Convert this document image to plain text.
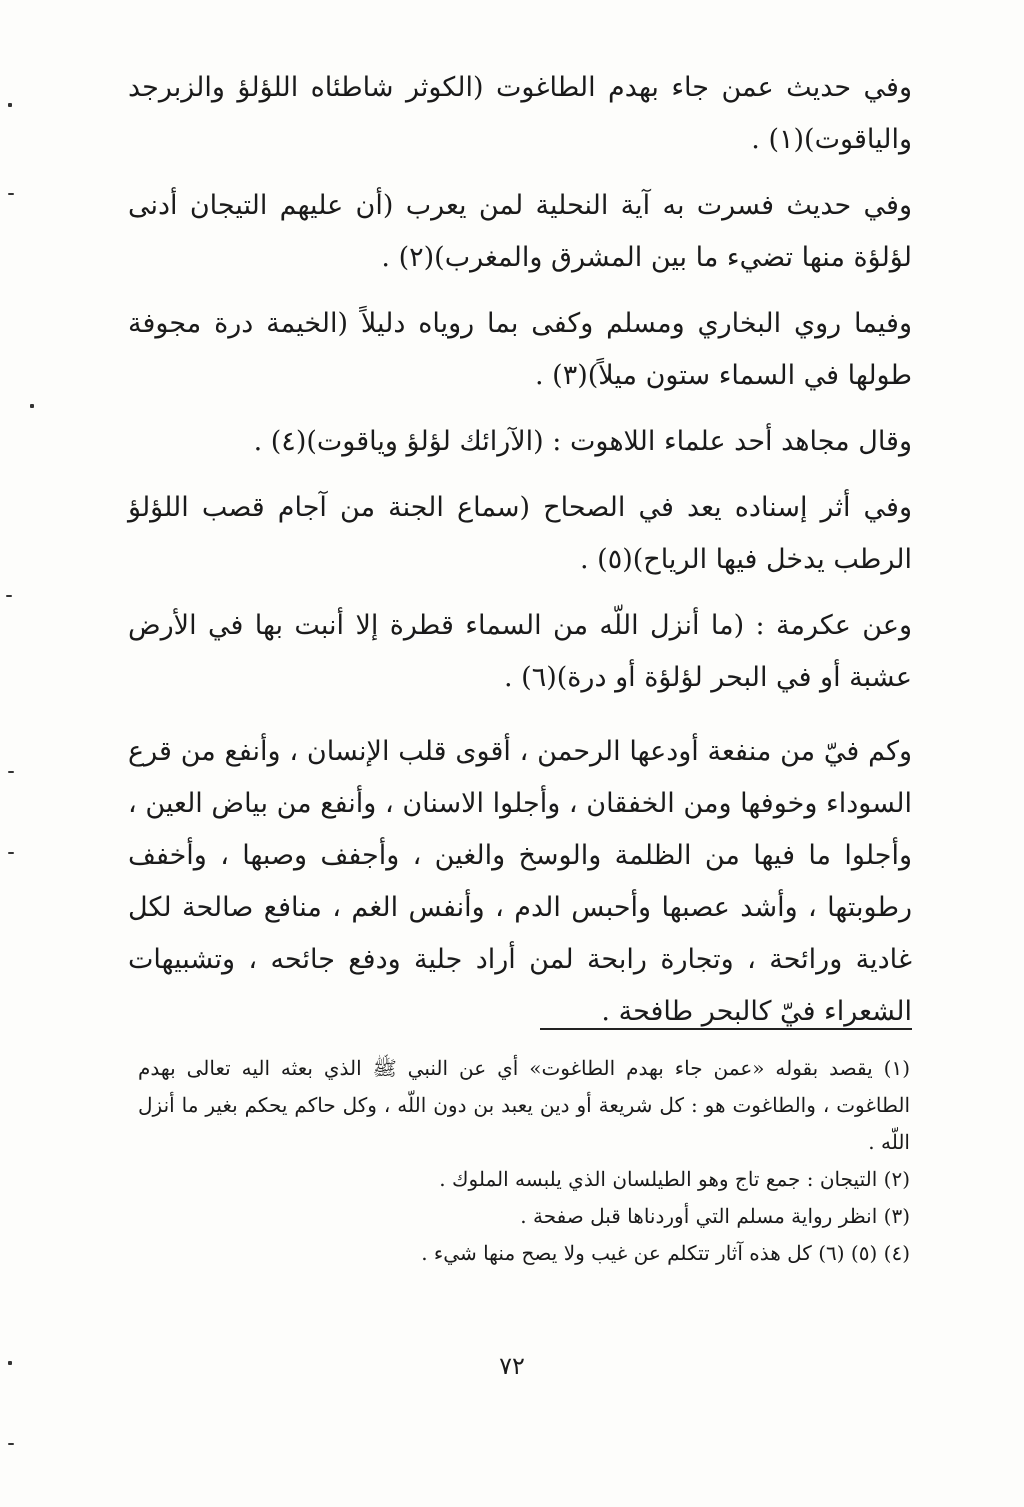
وفي حديث عمن جاء بهدم الطاغوت (الكوثر شاطئاه اللؤلؤ والزبرجد والياقوت)(١) .

وفي حديث فسرت به آية النحلية لمن يعرب (أن عليهم التيجان أدنى لؤلؤة منها تضيء ما بين المشرق والمغرب)(٢) .

وفيما روي البخاري ومسلم وكفى بما روياه دليلاً (الخيمة درة مجوفة طولها في السماء ستون ميلاً)(٣) .

وقال مجاهد أحد علماء اللاهوت : (الآرائك لؤلؤ وياقوت)(٤) .

وفي أثر إسناده يعد في الصحاح (سماع الجنة من آجام قصب اللؤلؤ الرطب يدخل فيها الرياح)(٥) .

وعن عكرمة : (ما أنزل اللّه من السماء قطرة إلا أنبت بها في الأرض عشبة أو في البحر لؤلؤة أو درة)(٦) .

وكم فيّ من منفعة أودعها الرحمن ، أقوى قلب الإنسان ، وأنفع من قرع السوداء وخوفها ومن الخفقان ، وأجلوا الاسنان ، وأنفع من بياض العين ، وأجلوا ما فيها من الظلمة والوسخ والغين ، وأجفف وصبها ، وأخفف رطوبتها ، وأشد عصبها وأحبس الدم ، وأنفس الغم ، منافع صالحة لكل غادية ورائحة ، وتجارة رابحة لمن أراد جلية ودفع جائحه ، وتشبيهات الشعراء فيّ كالبحر طافحة .

(١) يقصد بقوله «عمن جاء بهدم الطاغوت» أي عن النبي ﷺ الذي بعثه اليه تعالى بهدم الطاغوت ، والطاغوت هو : كل شريعة أو دين يعبد بن دون اللّه ، وكل حاكم يحكم بغير ما أنزل اللّه .

(٢) التيجان : جمع تاج وهو الطيلسان الذي يلبسه الملوك .

(٣) انظر رواية مسلم التي أوردناها قبل صفحة .

(٤) (٥) (٦) كل هذه آثار تتكلم عن غيب ولا يصح منها شيء .

٧٢
